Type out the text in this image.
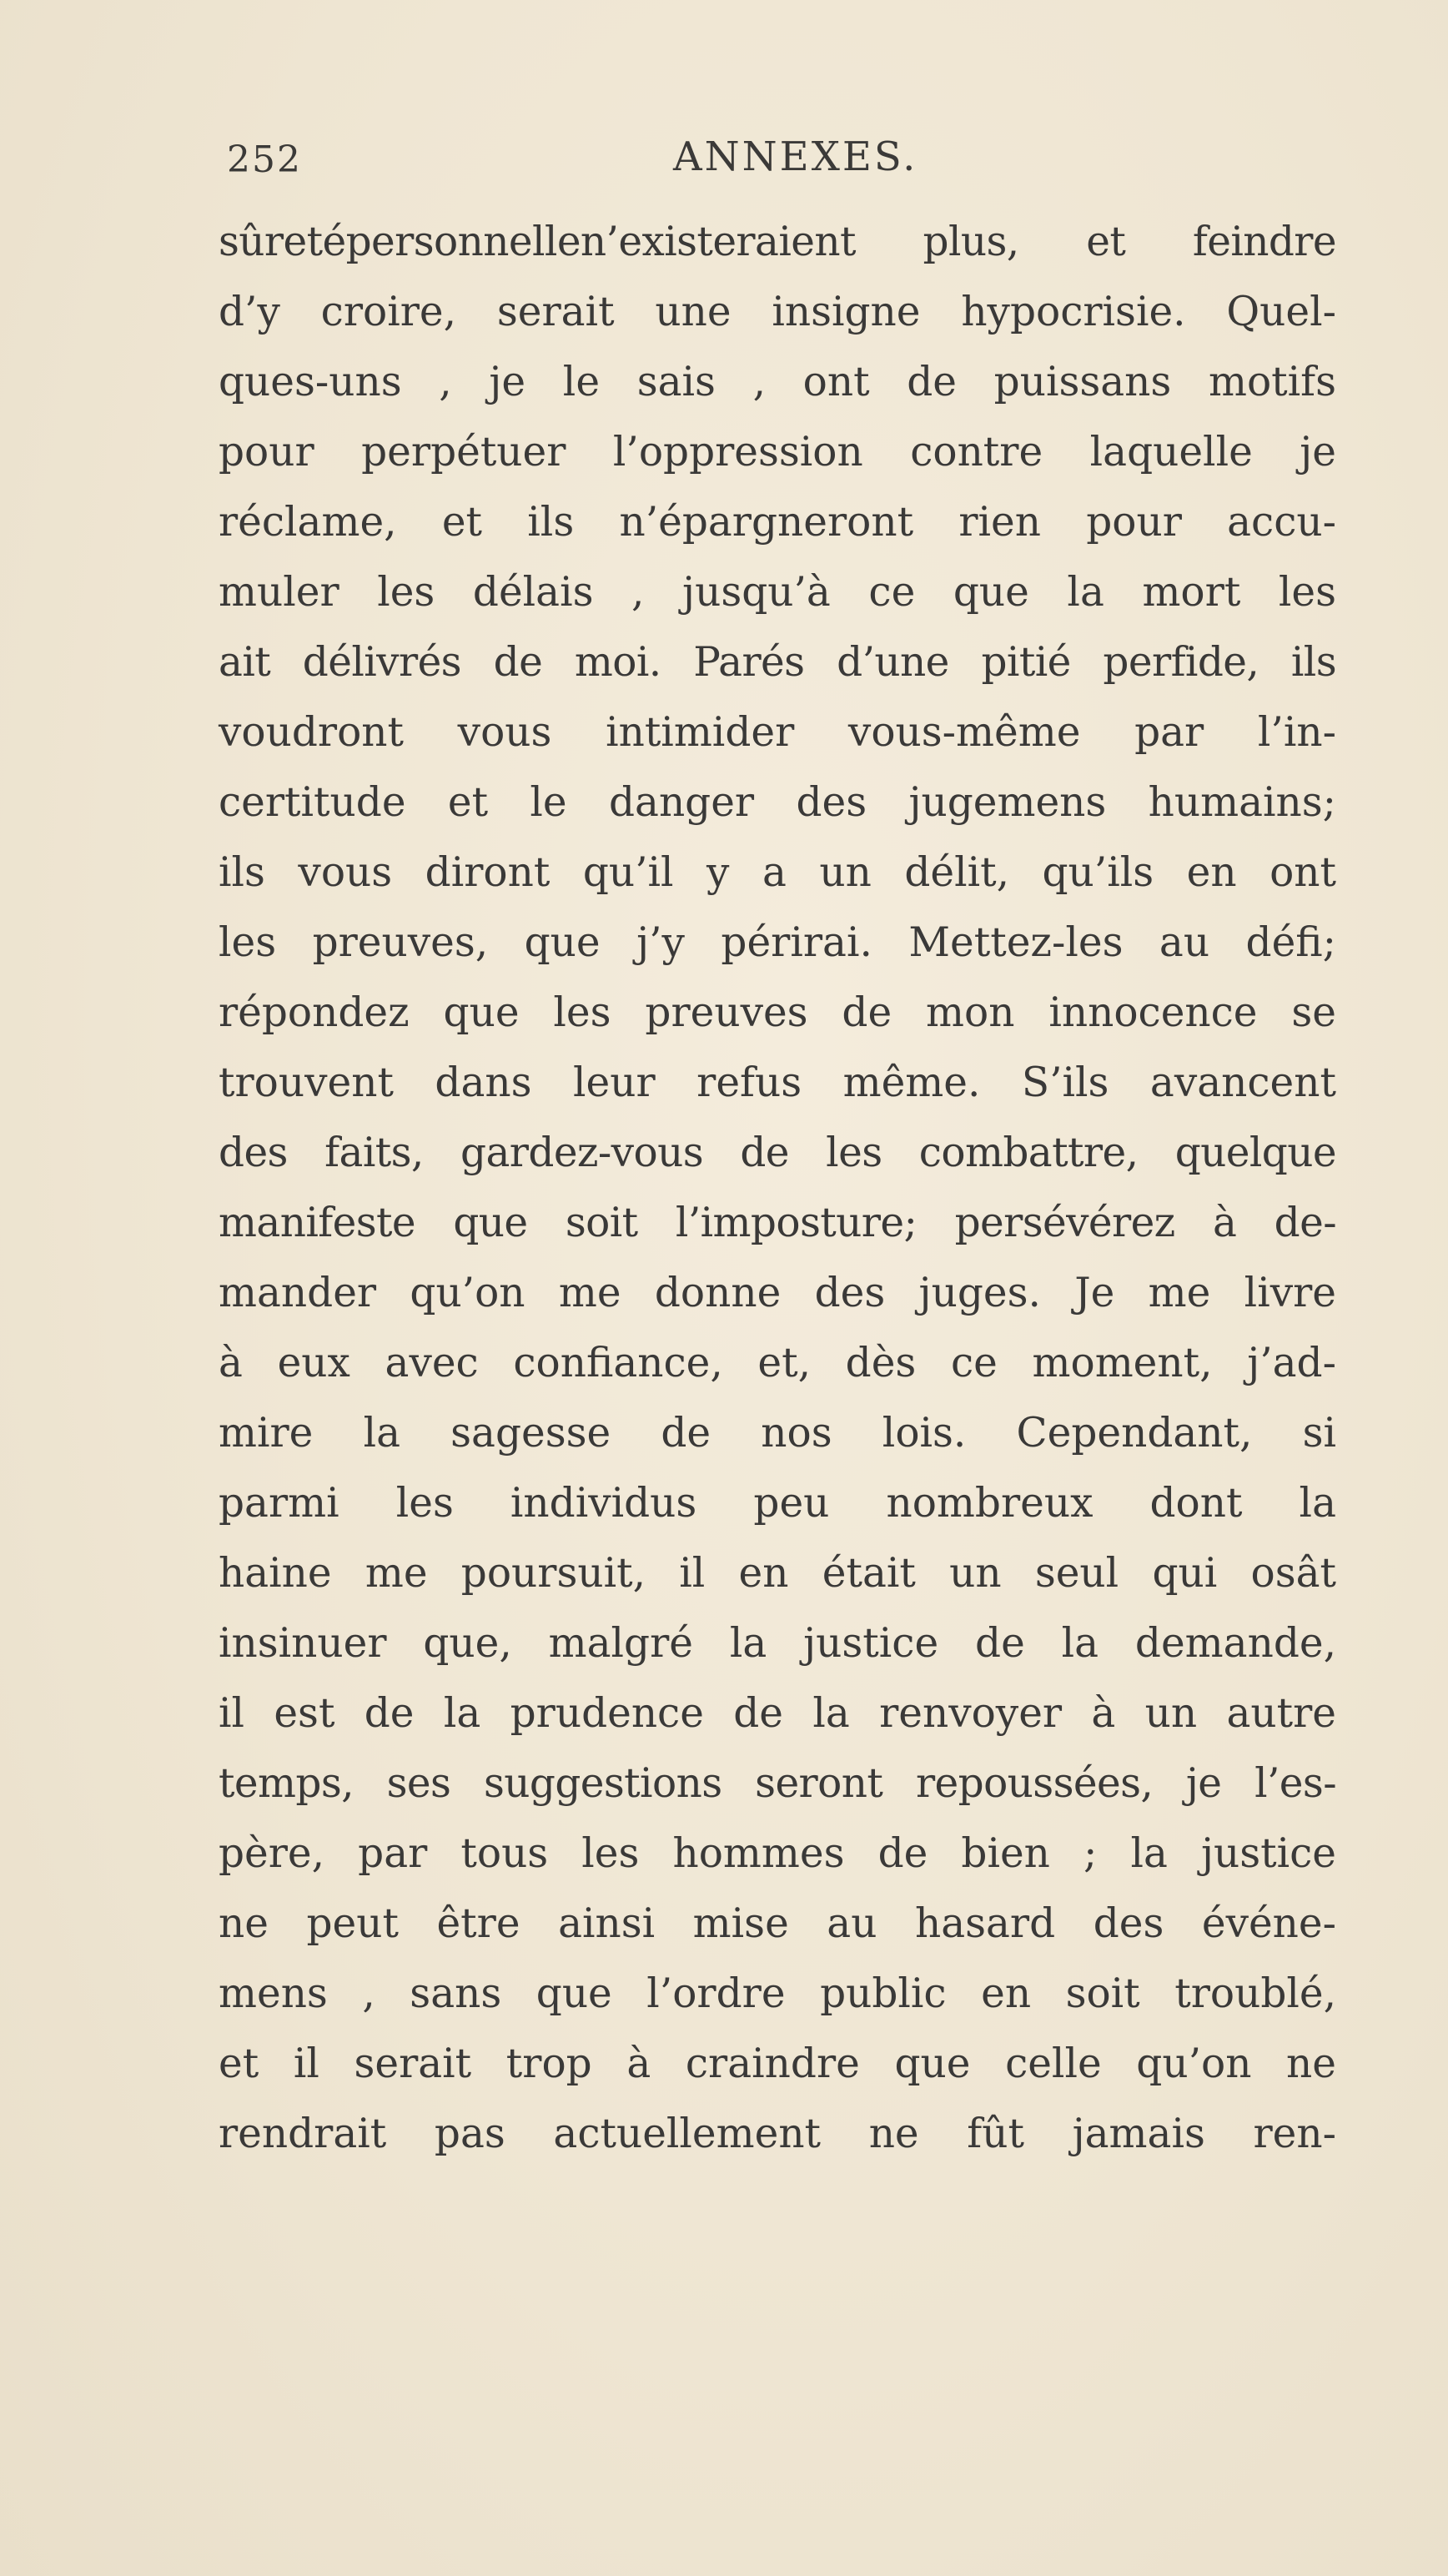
252	ANNEXES.
sûretépersonnellen’existeraient plus, et feindre
d’y croire, serait une insigne hypocrisie. Quel-
ques-uns , je le sais , ont de puissans motifs
pour perpétuer l’oppression contre laquelle je
réclame, et ils n’épargneront rien pour accu-
muler les délais , jusqu’à ce que la mort les
ait délivrés de moi. Parés d’une pitié perfide, ils
voudront vous intimider vous-même par l’in-
certitude et le danger des jugemens humains;
ils vous diront qu’il y a un délit, qu’ils en ont
les preuves, que j’y périrai. Mettez-les au défi;
répondez que les preuves de mon innocence se
trouvent dans leur refus même. S’ils avancent
des faits, gardez-vous de les combattre, quelque
manifeste que soit l’imposture; persévérez à de-
mander qu’on me donne des juges. Je me livre
à eux avec confiance, et, dès ce moment, j’ad-
mire la sagesse de nos lois. Cependant, si
parmi les individus peu nombreux dont la
haine me poursuit, il en était un seul qui osât
insinuer que, malgré la justice de la demande,
il est de la prudence de la renvoyer à un autre
temps, ses suggestions seront repoussées, je l’es-
père, par tous les hommes de bien ; la justice
ne peut être ainsi mise au hasard des événe-
mens , sans que l’ordre public en soit troublé,
et il serait trop à craindre que celle qu’on ne
rendrait pas actuellement ne fût jamais ren-
